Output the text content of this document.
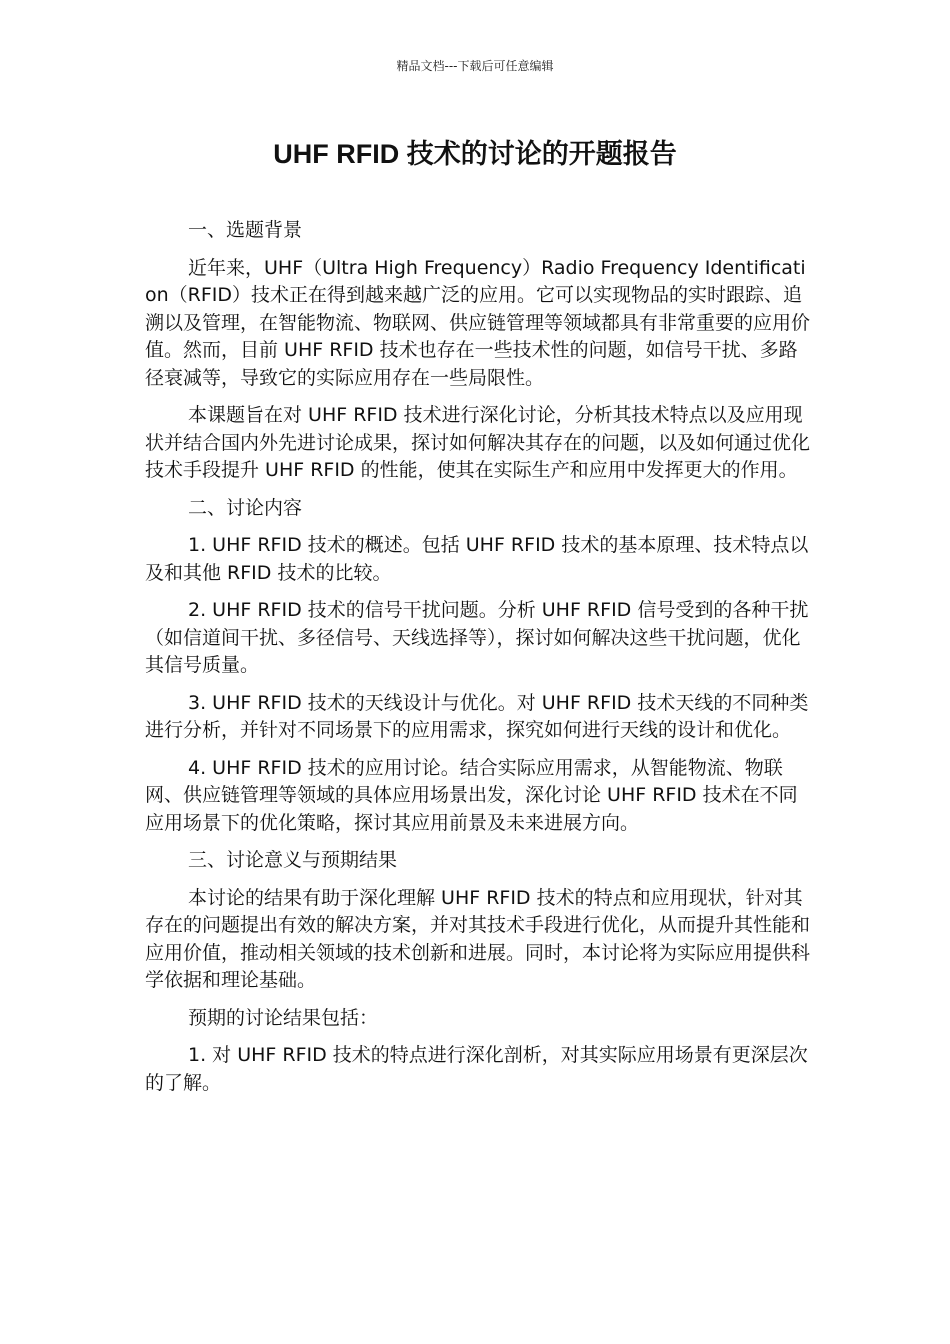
精品文档---下载后可任意编辑
UHF RFID 技术的讨论的开题报告

一、选题背景

近年来，UHF（Ultra High Frequency）Radio Frequency Identification（RFID）技术正在得到越来越广泛的应用。它可以实现物品的实时跟踪、追溯以及管理，在智能物流、物联网、供应链管理等领域都具有非常重要的应用价值。然而，目前 UHF RFID 技术也存在一些技术性的问题，如信号干扰、多路径衰减等，导致它的实际应用存在一些局限性。

本课题旨在对 UHF RFID 技术进行深化讨论，分析其技术特点以及应用现状并结合国内外先进讨论成果，探讨如何解决其存在的问题，以及如何通过优化技术手段提升 UHF RFID 的性能，使其在实际生产和应用中发挥更大的作用。

二、讨论内容

1. UHF RFID 技术的概述。包括 UHF RFID 技术的基本原理、技术特点以及和其他 RFID 技术的比较。

2. UHF RFID 技术的信号干扰问题。分析 UHF RFID 信号受到的各种干扰（如信道间干扰、多径信号、天线选择等），探讨如何解决这些干扰问题，优化其信号质量。

3. UHF RFID 技术的天线设计与优化。对 UHF RFID 技术天线的不同种类进行分析，并针对不同场景下的应用需求，探究如何进行天线的设计和优化。

4. UHF RFID 技术的应用讨论。结合实际应用需求，从智能物流、物联网、供应链管理等领域的具体应用场景出发，深化讨论 UHF RFID 技术在不同应用场景下的优化策略，探讨其应用前景及未来进展方向。

三、讨论意义与预期结果

本讨论的结果有助于深化理解 UHF RFID 技术的特点和应用现状，针对其存在的问题提出有效的解决方案，并对其技术手段进行优化，从而提升其性能和应用价值，推动相关领域的技术创新和进展。同时，本讨论将为实际应用提供科学依据和理论基础。

预期的讨论结果包括：

1. 对 UHF RFID 技术的特点进行深化剖析，对其实际应用场景有更深层次的了解。
